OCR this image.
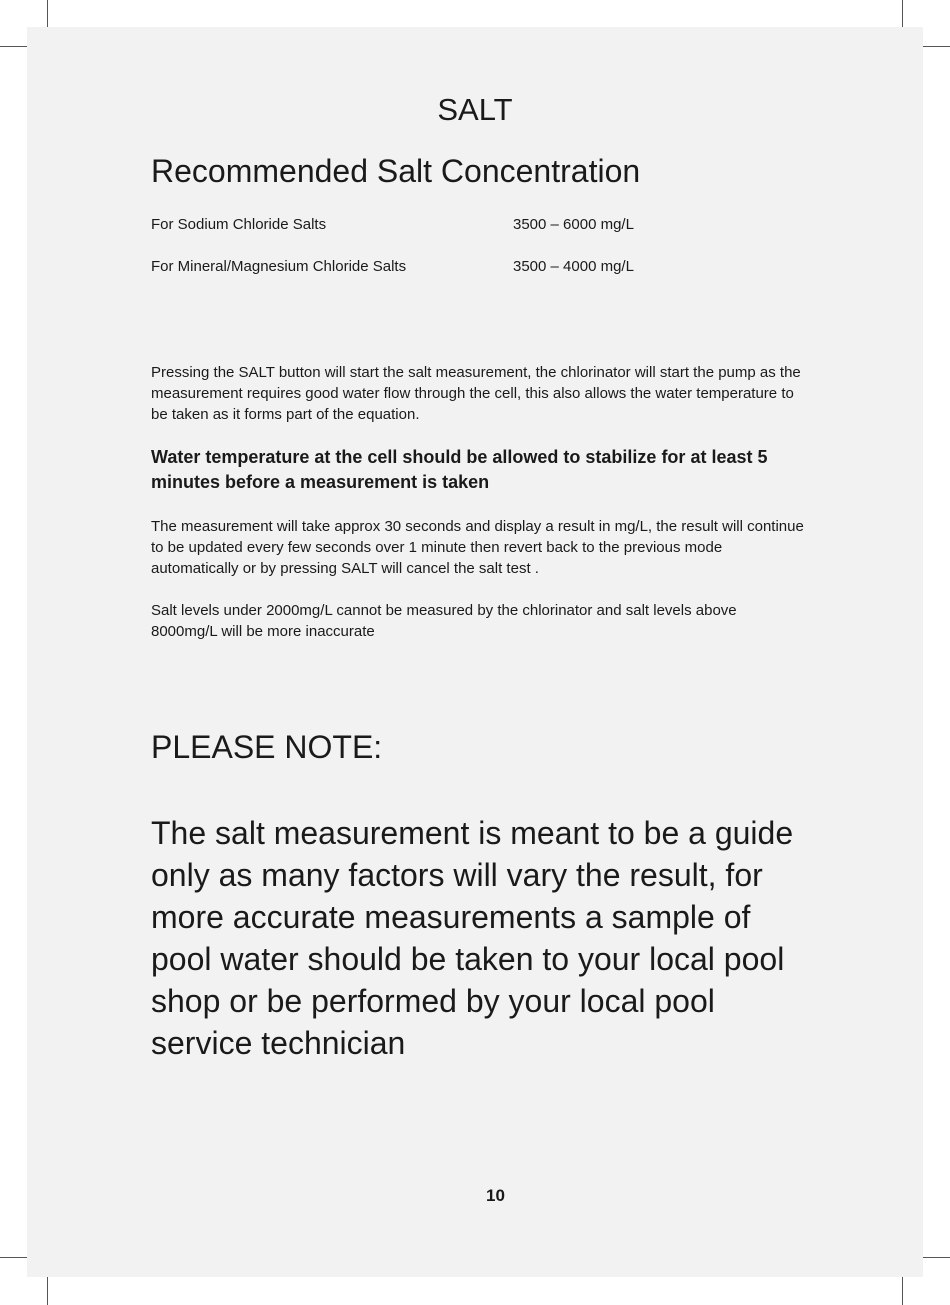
SALT
Recommended Salt Concentration
For Sodium Chloride Salts	3500 – 6000 mg/L
For Mineral/Magnesium Chloride Salts	3500 – 4000 mg/L

Pressing the SALT button will start the salt measurement, the chlorinator will start the pump as the measurement requires good water flow through the cell, this also allows the water temperature to be taken as it forms part of the equation.

Water temperature at the cell should be allowed to stabilize for at least 5 minutes before a measurement is taken

The measurement will take approx 30 seconds and display a result in mg/L, the result will continue to be updated every few seconds over 1 minute then revert back to the previous mode automatically or by pressing SALT will cancel the salt test .

Salt levels under 2000mg/L cannot be measured by the chlorinator and salt levels above 8000mg/L will be more inaccurate

PLEASE NOTE:

The salt measurement is meant to be a guide only as many factors will vary the result, for more accurate measurements a sample of pool water should be taken to your local pool shop or be performed by your local pool service technician

10
